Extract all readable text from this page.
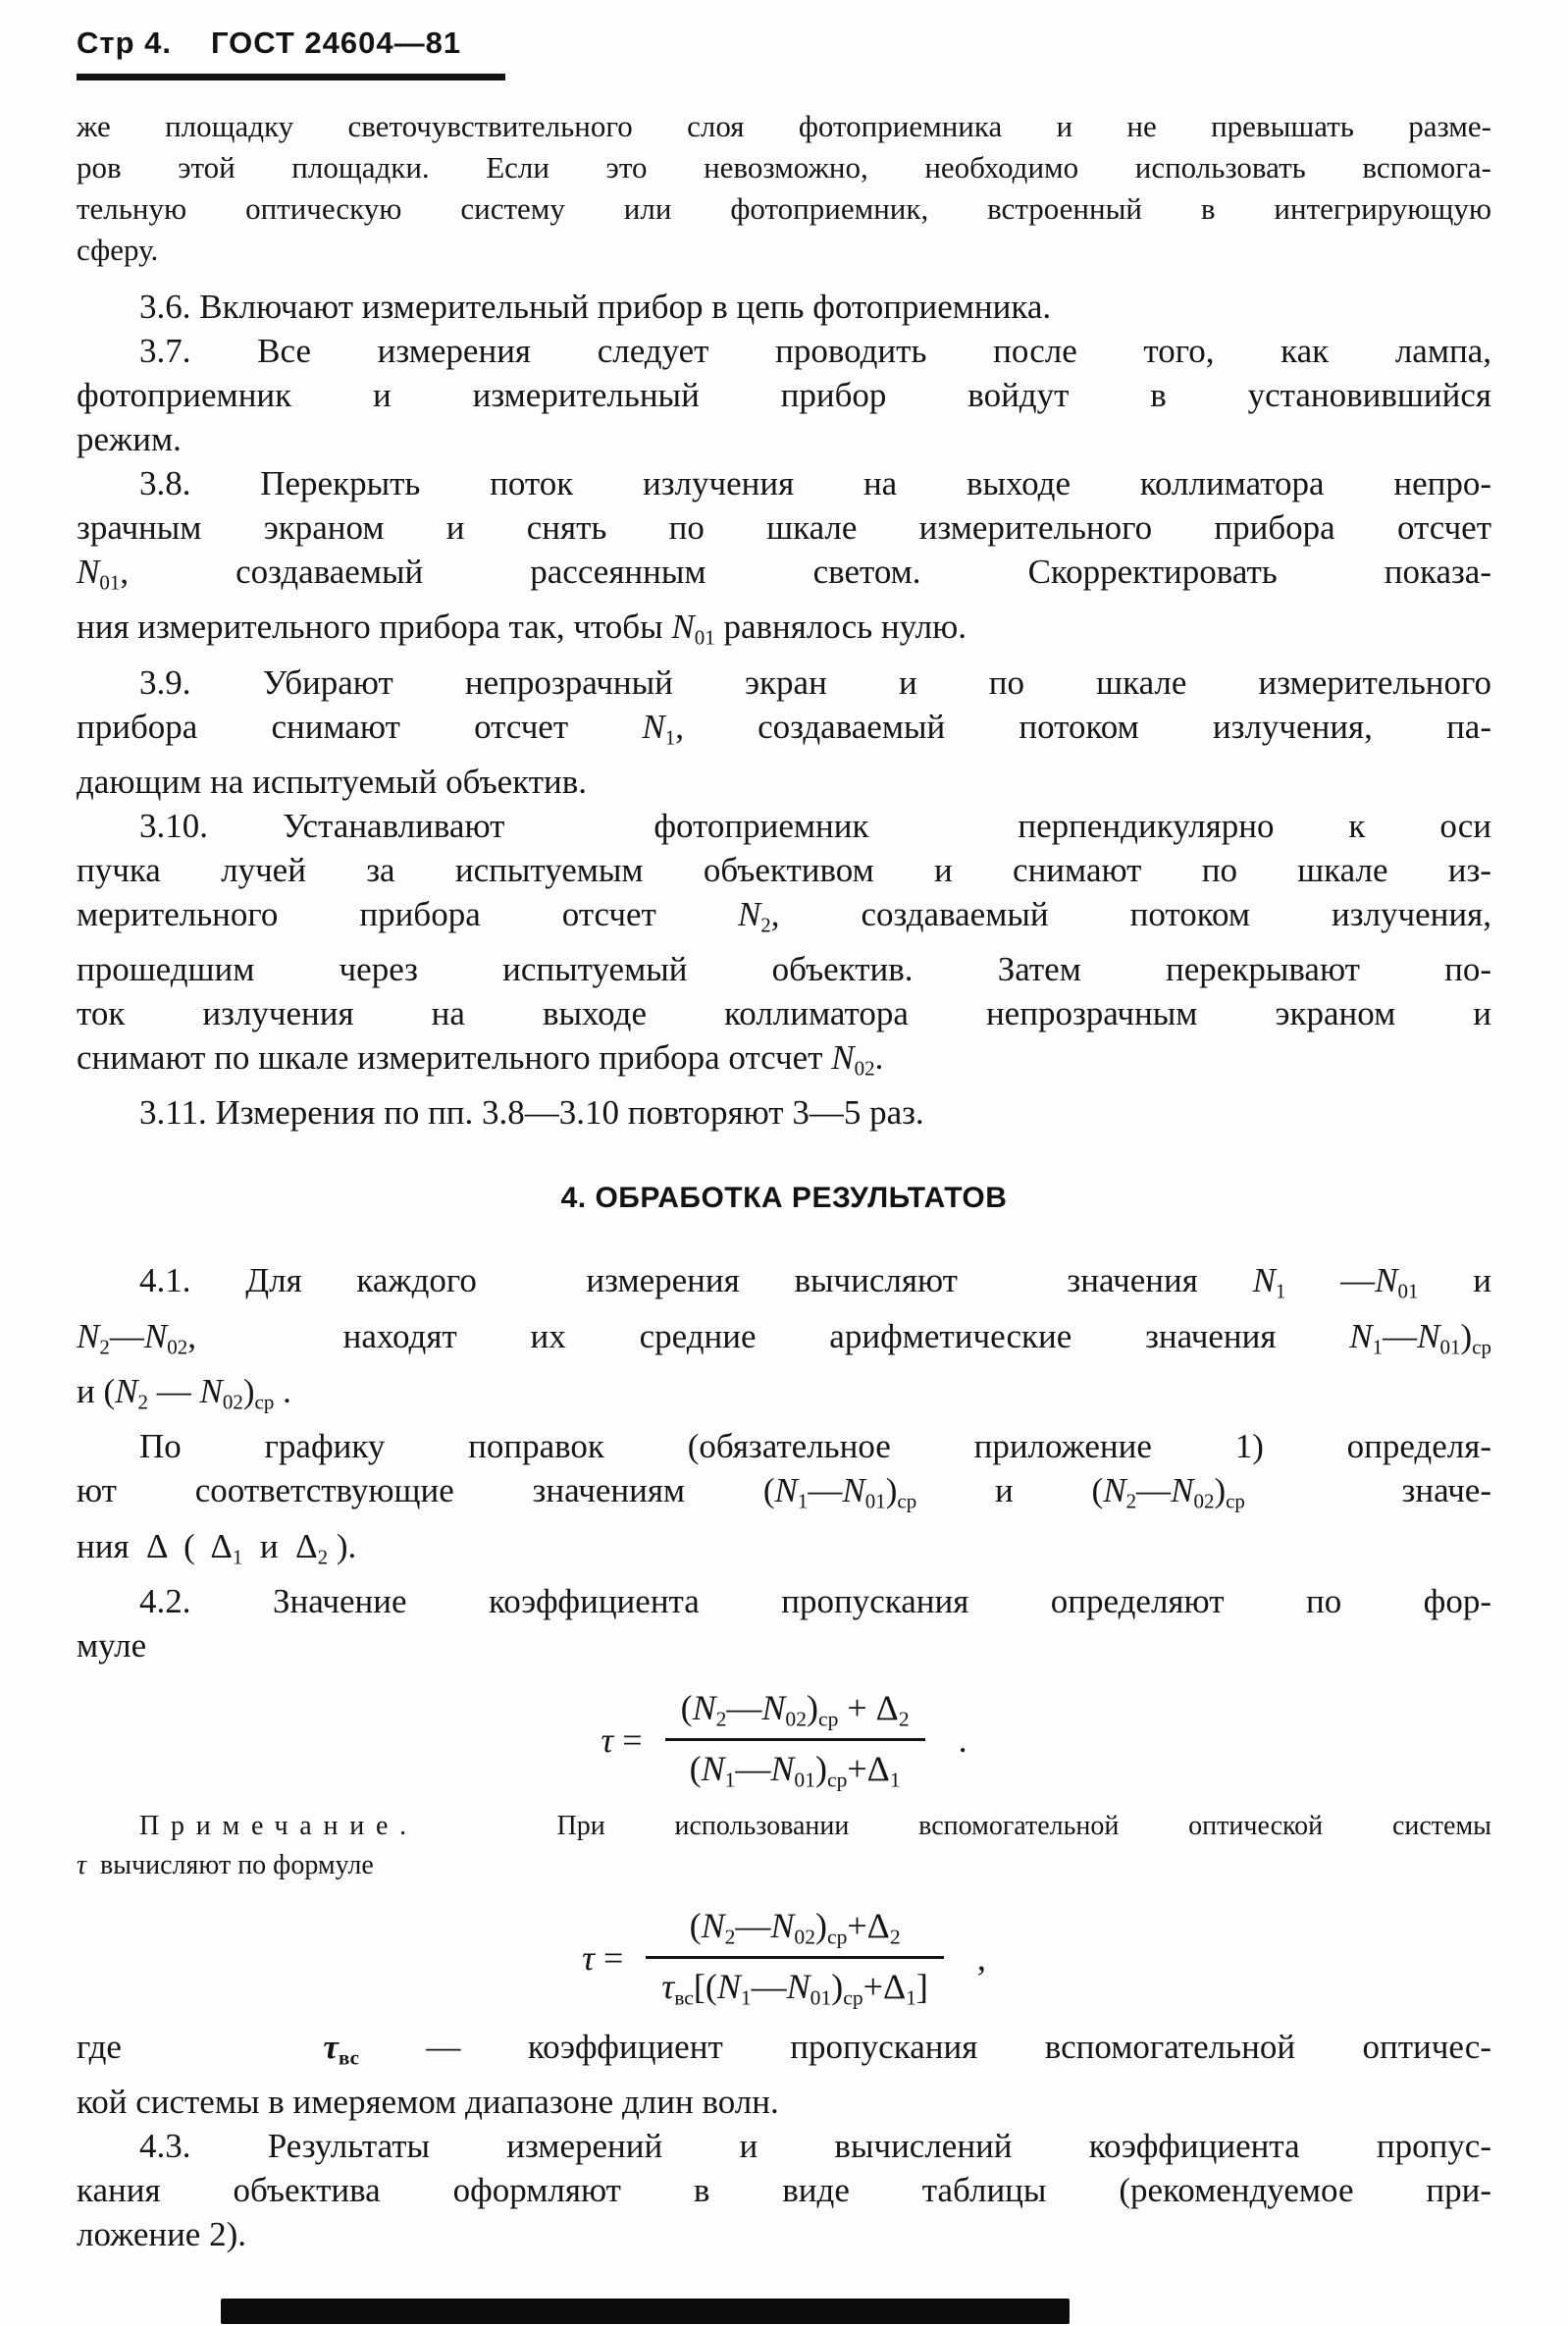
Стр 4. ГОСТ 24604—81
же площадку светочувствительного слоя фотоприемника и не превышать разме-
ров этой площадки. Если это невозможно, необходимо использовать вспомога-
тельную оптическую систему или фотоприемник, встроенный в интегрирующую
сферу.
3.6. Включают измерительный прибор в цепь фотоприемника.
3.7. Все измерения следует проводить после того, как лампа,
фотоприемник и измерительный прибор войдут в установившийся
режим.
3.8. Перекрыть поток излучения на выходе коллиматора непро-
зрачным экраном и снять по шкале измерительного прибора отсчет
N01, создаваемый рассеянным светом. Скорректировать показа-
ния измерительного прибора так, чтобы N01 равнялось нулю.
3.9. Убирают непрозрачный экран и по шкале измерительного
прибора снимают отсчет N1, создаваемый потоком излучения, па-
дающим на испытуемый объектив.
3.10. Устанавливают  фотоприемник  перпендикулярно к оси
пучка лучей за испытуемым объективом и снимают по шкале из-
мерительного прибора отсчет N2, создаваемый потоком излучения,
прошедшим через испытуемый объектив. Затем перекрывают по-
ток излучения на выходе коллиматора непрозрачным экраном и
снимают по шкале измерительного прибора отсчет N02.
3.11. Измерения по пп. 3.8—3.10 повторяют 3—5 раз.
4. ОБРАБОТКА РЕЗУЛЬТАТОВ
4.1. Для каждого  измерения вычисляют  значения N1 —N01 и
N2—N02,  находят их средние арифметические значения N1—N01)ср
и (N2 — N02)ср .
По графику поправок (обязательное приложение 1) определя-
ют соответствующие значениям (N1—N01)ср и (N2—N02)ср  значе-
ния  Δ  (  Δ1  и  Δ2 ).
4.2. Значение коэффициента пропускания определяют по фор-
муле
$\tau = \frac{(N2—N02)ср + \Delta 2}{(N1—N01)ср+\Delta 1}$ .
Примечание.  При использовании вспомогательной оптической системы
τ  вычисляют по формуле
$\tau = \frac{(N2—N02)ср+\Delta 2}{\text{τвс[(N1—N01)ср+Δ1]}}$ ,
где   τвс — коэффициент пропускания вспомогательной оптичес-
кой системы в имеряемом диапазоне длин волн.
4.3. Результаты измерений и вычислений коэффициента пропус-
кания объектива оформляют в виде таблицы (рекомендуемое при-
ложение 2).
